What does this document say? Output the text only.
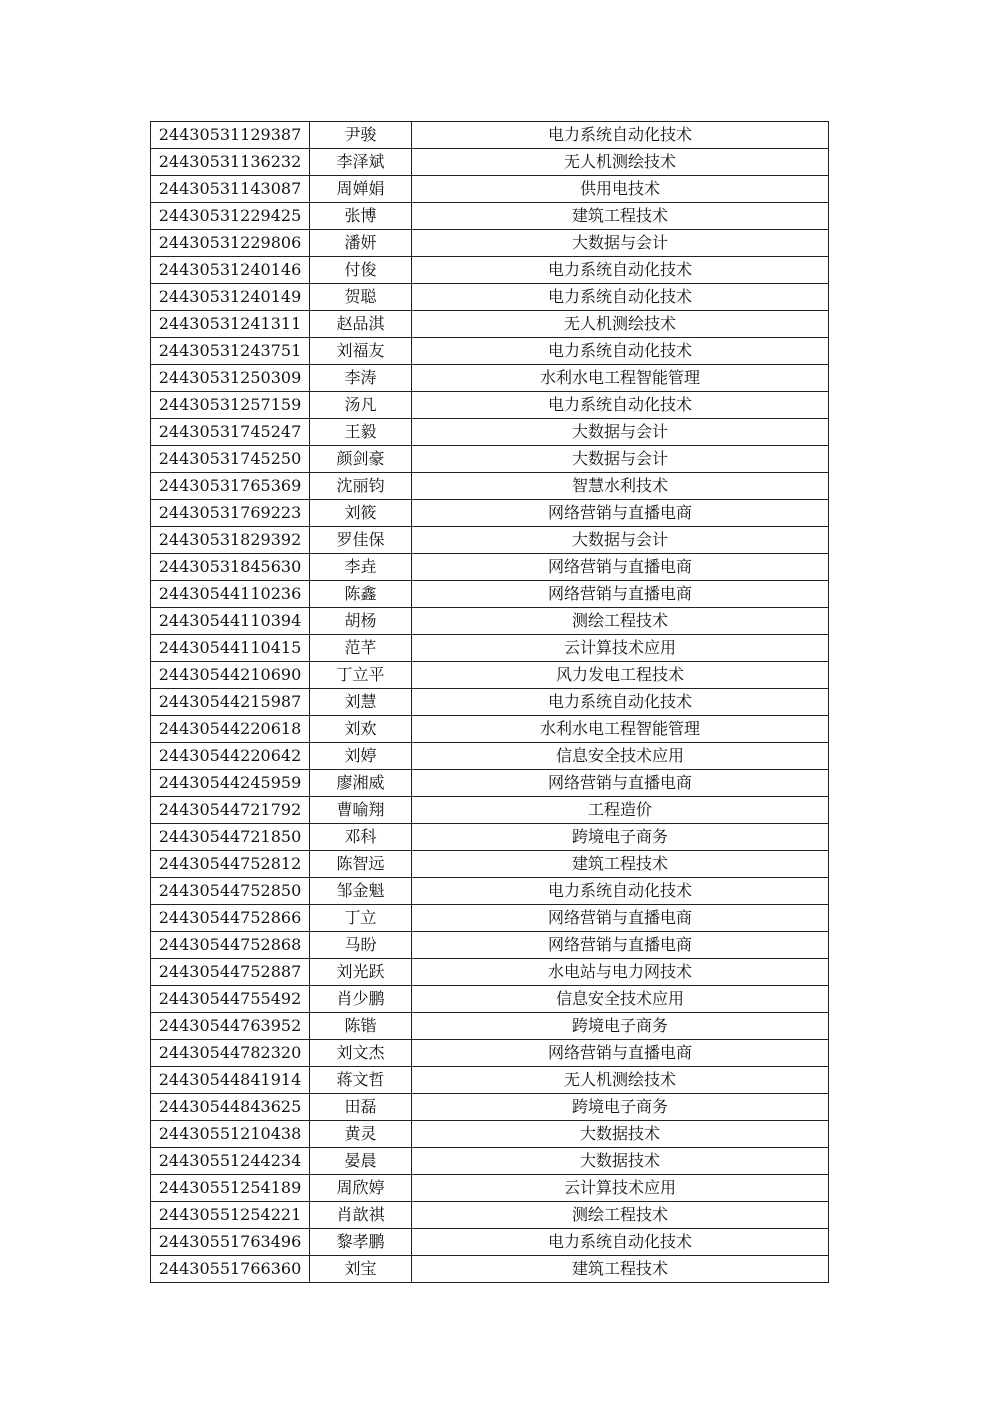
24430531129387	尹骏	电力系统自动化技术
24430531136232	李泽斌	无人机测绘技术
24430531143087	周婵娟	供用电技术
24430531229425	张博	建筑工程技术
24430531229806	潘妍	大数据与会计
24430531240146	付俊	电力系统自动化技术
24430531240149	贺聪	电力系统自动化技术
24430531241311	赵品淇	无人机测绘技术
24430531243751	刘福友	电力系统自动化技术
24430531250309	李涛	水利水电工程智能管理
24430531257159	汤凡	电力系统自动化技术
24430531745247	王毅	大数据与会计
24430531745250	颜剑豪	大数据与会计
24430531765369	沈丽钧	智慧水利技术
24430531769223	刘筱	网络营销与直播电商
24430531829392	罗佳保	大数据与会计
24430531845630	李垚	网络营销与直播电商
24430544110236	陈鑫	网络营销与直播电商
24430544110394	胡杨	测绘工程技术
24430544110415	范芊	云计算技术应用
24430544210690	丁立平	风力发电工程技术
24430544215987	刘慧	电力系统自动化技术
24430544220618	刘欢	水利水电工程智能管理
24430544220642	刘婷	信息安全技术应用
24430544245959	廖湘威	网络营销与直播电商
24430544721792	曹喻翔	工程造价
24430544721850	邓科	跨境电子商务
24430544752812	陈智远	建筑工程技术
24430544752850	邹金魁	电力系统自动化技术
24430544752866	丁立	网络营销与直播电商
24430544752868	马盼	网络营销与直播电商
24430544752887	刘光跃	水电站与电力网技术
24430544755492	肖少鹏	信息安全技术应用
24430544763952	陈锴	跨境电子商务
24430544782320	刘文杰	网络营销与直播电商
24430544841914	蒋文哲	无人机测绘技术
24430544843625	田磊	跨境电子商务
24430551210438	黄灵	大数据技术
24430551244234	晏晨	大数据技术
24430551254189	周欣婷	云计算技术应用
24430551254221	肖歆祺	测绘工程技术
24430551763496	黎孝鹏	电力系统自动化技术
24430551766360	刘宝	建筑工程技术
